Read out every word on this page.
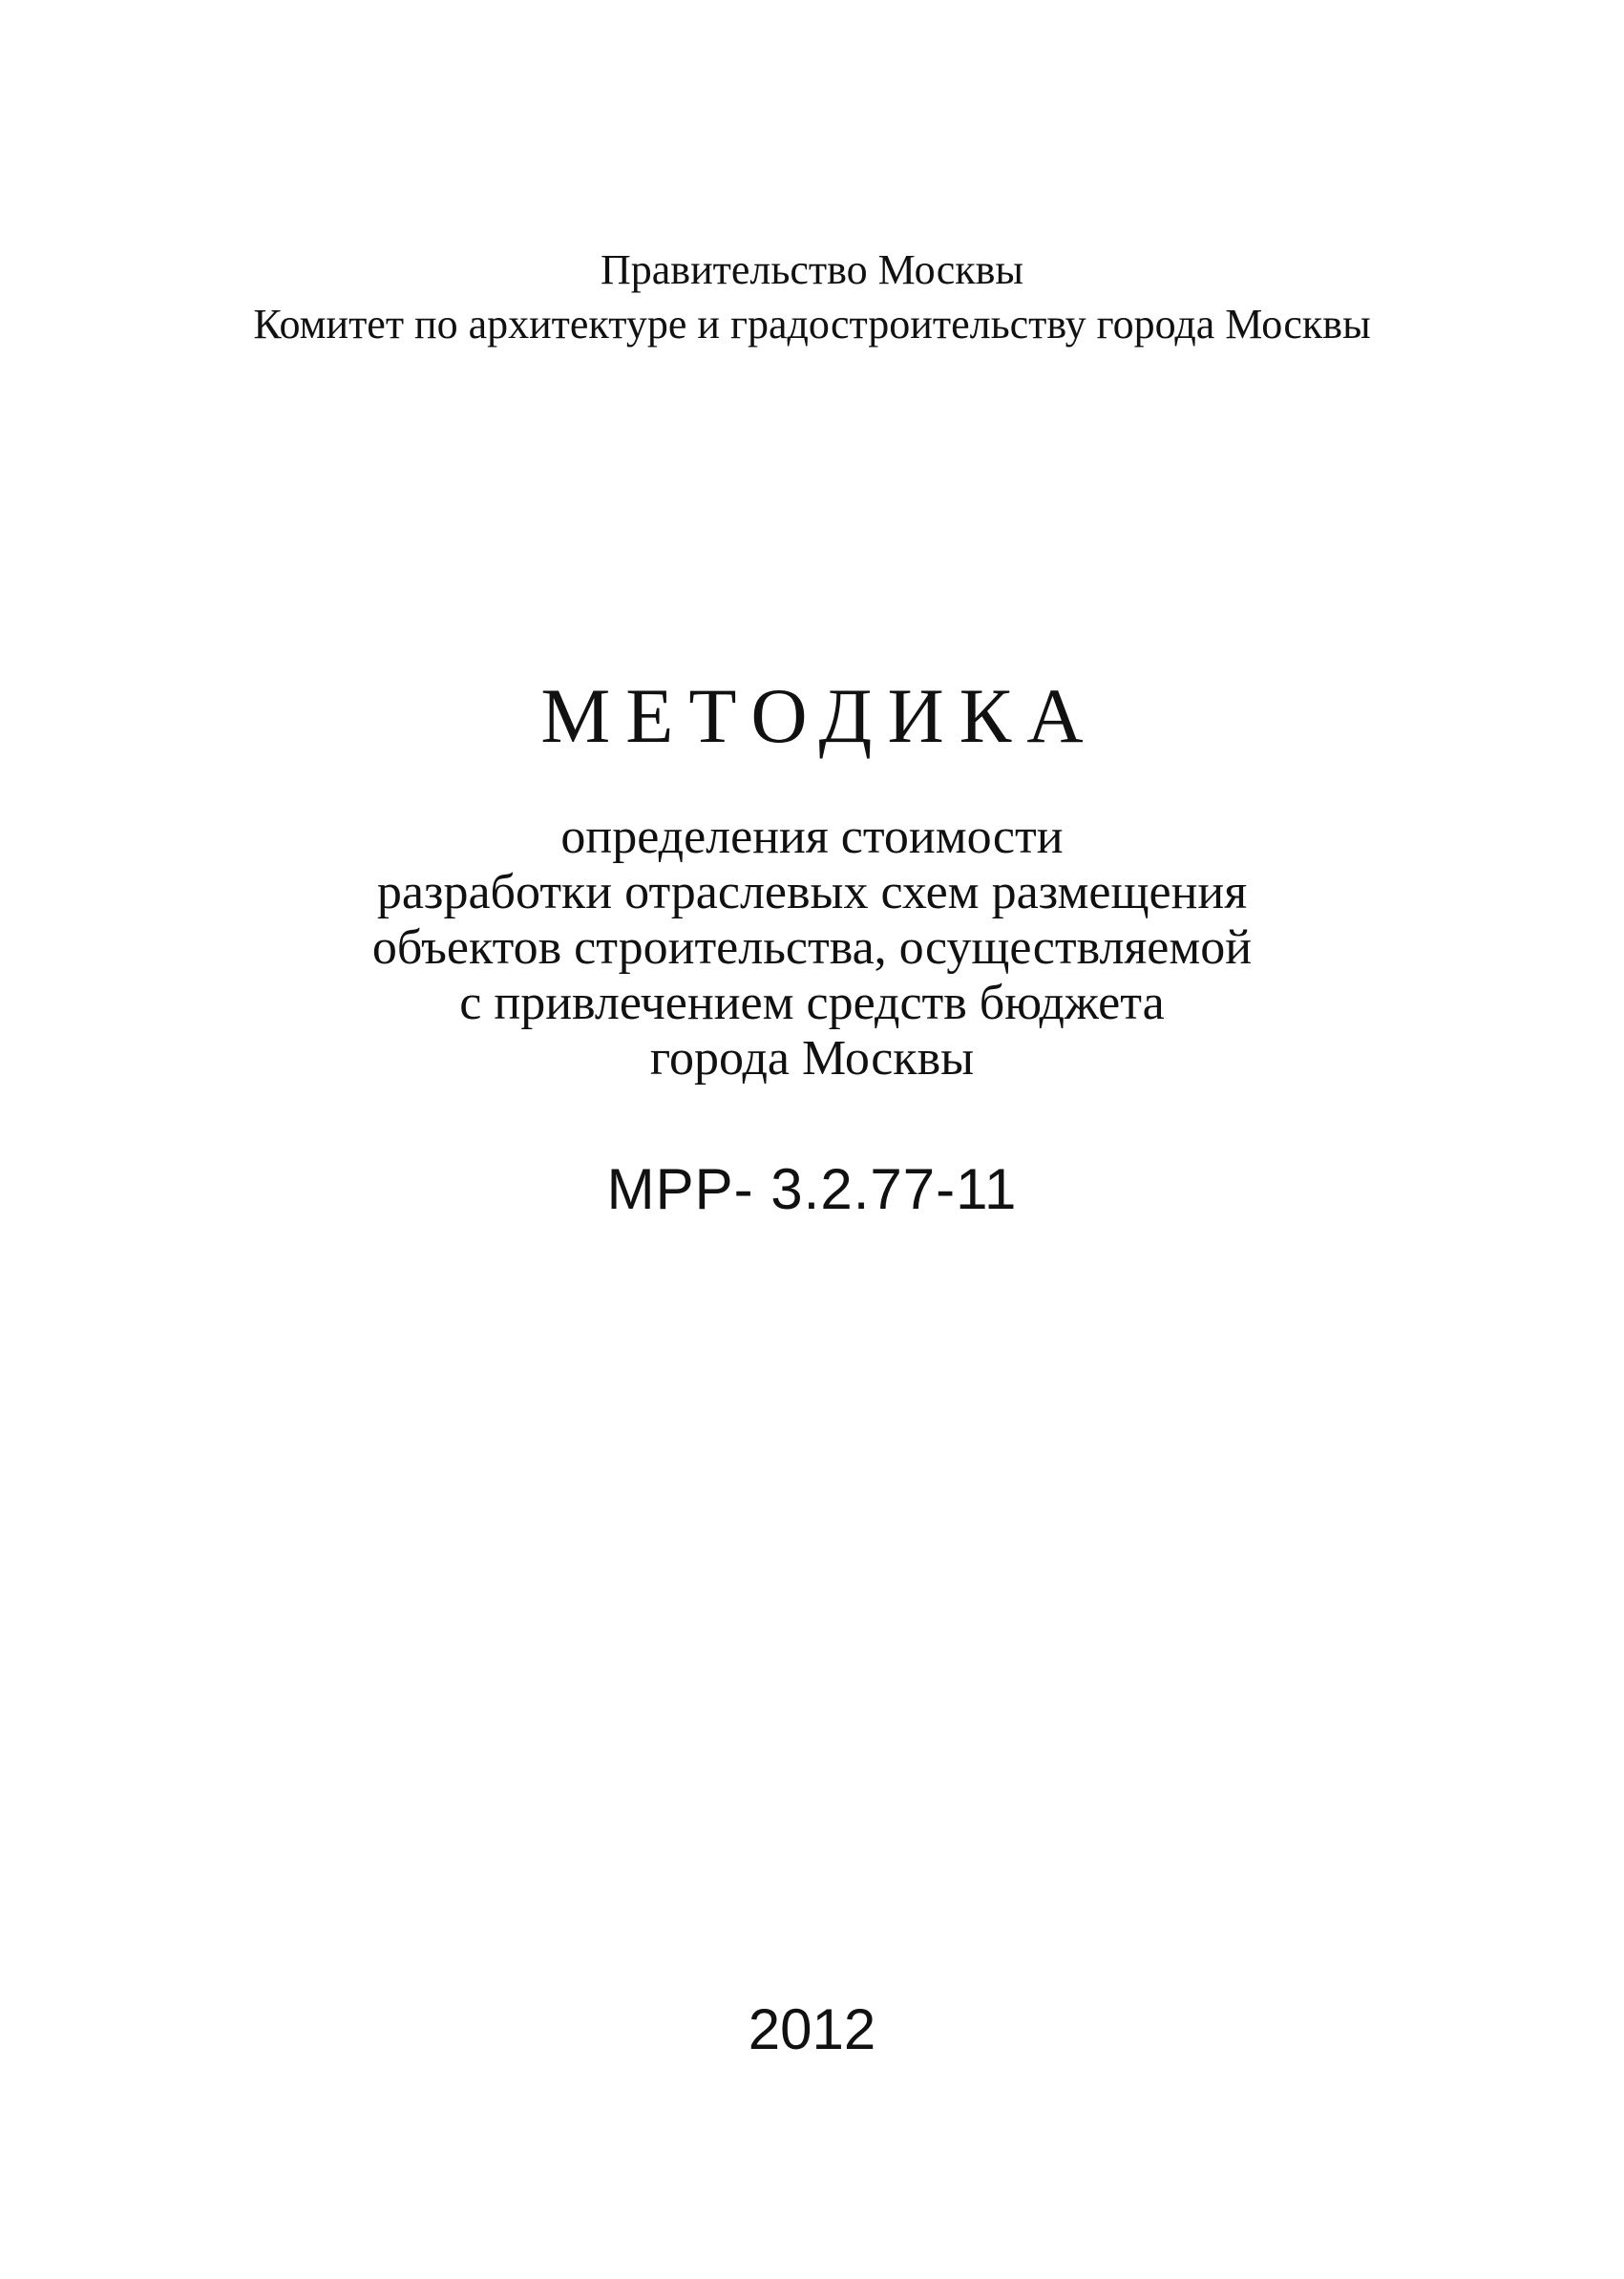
Правительство Москвы
Комитет по архитектуре и градостроительству города Москвы
МЕТОДИКА
определения стоимости
разработки отраслевых схем размещения
объектов строительства, осуществляемой
с привлечением средств бюджета
города Москвы
МРР- 3.2.77-11
2012
